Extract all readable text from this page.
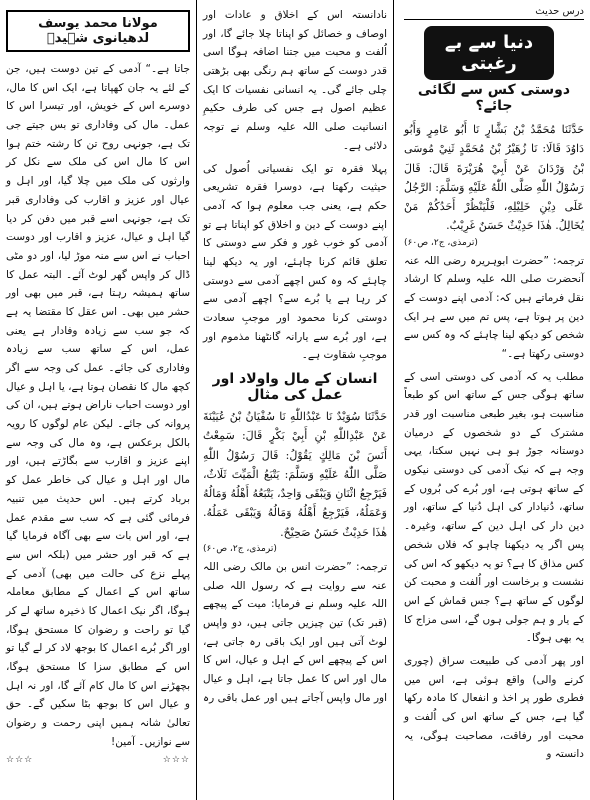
درس حدیث
دنیا سے بے رغبتی
دوستی کس سے لگائی جائے؟
حَدَّثَنَا مُحَمَّدُ بْنُ بَشَّارٍ نَا أَبُو عَامِرٍ وَأَبُو دَاوُدَ قَالَا: نَا زُهَيْرُ بْنُ مُحَمَّدٍ ثَنِيْ مُوسَى بْنُ وَرْدَانَ عَنْ أَبِيْ هُرَيْرَةَ قَالَ: قَالَ رَسُوْلُ اللّٰهِ صَلَّى اللّٰهُ عَلَيْهِ وَسَلَّمَ: الرَّجُلُ عَلَى دِيْنِ خَلِيْلِهِ، فَلْيَنْظُرْ أَحَدُكُمْ مَنْ يُخَالِلُ. هٰذَا حَدِيْثٌ حَسَنٌ غَرِيْبٌ.
(ترمذی، ج۲، ص۶۰)

ترجمہ: ”حضرت ابوہریرہ رضی اللہ عنہ آنحضرت صلی اللہ علیہ وسلم کا ارشاد نقل فرماتے ہیں کہ: آدمی اپنے دوست کے دین پر ہوتا ہے، پس تم میں سے ہر ایک شخص کو دیکھ لینا چاہئے کہ وہ کس سے دوستی رکھتا ہے۔“

مطلب یہ کہ آدمی کی دوستی اسی کے ساتھ ہوگی جس کے ساتھ اس کو طبعاً مناسبت ہو، بغیر طبعی مناسبت اور قدر مشترک کے دو شخصوں کے درمیان دوستانہ جوڑ ہو ہی نہیں سکتا، یہی وجہ ہے کہ نیک آدمی کی دوستی نیکوں کے ساتھ ہوتی ہے، اور بُرے کی بُروں کے ساتھ، دُنیادار کی اہل دُنیا کے ساتھ، اور دین دار کی اہل دین کے ساتھ، وغیرہ۔ پس اگر یہ دیکھنا چاہو کہ فلاں شخص کس مذاق کا ہے؟ تو یہ دیکھو کہ اس کی نشست و برخاست اور اُلفت و محبت کن لوگوں کے ساتھ ہے؟ جس قماش کے اس کے یار و ہم جولی ہوں گے، اسی مزاج کا یہ بھی ہوگا۔

اور پھر آدمی کی طبیعت سراق (چوری کرنے والی) واقع ہوئی ہے، اس میں فطری طور پر اخذ و انفعال کا مادہ رکھا گیا ہے، جس کے ساتھ اس کی اُلفت و محبت اور رفاقت، مصاحبت ہوگی، یہ دانستہ و

نادانستہ اس کے اخلاق و عادات اور اوصاف و خصائل کو اپناتا چلا جائے گا، اور اُلفت و محبت میں جتنا اضافہ ہوگا اسی قدر دوست کے ساتھ ہم رنگی بھی بڑھتی چلی جائے گی۔ یہ انسانی نفسیات کا ایک عظیم اصول ہے جس کی طرف حکیمِ انسانیت صلی اللہ علیہ وسلم نے توجہ دلائی ہے۔

پہلا فقرہ تو ایک نفسیاتی اُصول کی حیثیت رکھتا ہے، دوسرا فقرہ تشریعی حکم ہے، یعنی جب معلوم ہوا کہ آدمی اپنے دوست کے دین و اخلاق کو اپناتا ہے تو آدمی کو خوب غور و فکر سے دوستی کا تعلق قائم کرنا چاہئے، اور یہ دیکھ لینا چاہئے کہ وہ کس اچھے آدمی سے دوستی کر رہا ہے یا بُرے سے؟ اچھے آدمی سے دوستی کرنا محمود اور موجبِ سعادت ہے، اور بُرے سے یارانہ گانٹھنا مذموم اور موجبِ شقاوت ہے۔

انسان کے مال واولاد اور عمل کی مثال
حَدَّثَنَا سُوَيْدٌ نَا عَبْدُاللّٰهِ نَا سُفْيَانُ بْنُ عُيَيْنَةَ عَنْ عَبْدِاللّٰهِ بْنِ أَبِيْ بَكْرٍ قَالَ: سَمِعْتُ أَنَسَ بْنَ مَالِكٍ يَقُوْلُ: قَالَ رَسُوْلُ اللّٰهِ صَلَّى اللّٰهُ عَلَيْهِ وَسَلَّمَ: يَتْبَعُ الْمَيِّتَ ثَلَاثٌ، فَيَرْجِعُ اثْنَانِ وَيَبْقَى وَاحِدٌ، يَتْبَعُهُ أَهْلُهُ وَمَالُهُ وَعَمَلُهُ، فَيَرْجِعُ أَهْلُهُ وَمَالُهُ وَيَبْقَى عَمَلُهُ. هٰذَا حَدِيْثٌ حَسَنٌ صَحِيْحٌ.
(ترمذی، ج۲، ص۶۰)

ترجمہ: ”حضرت انس بن مالک رضی اللہ عنہ سے روایت ہے کہ رسول اللہ صلی اللہ علیہ وسلم نے فرمایا: میت کے پیچھے (قبر تک) تین چیزیں جاتی ہیں، دو واپس لوٹ آتی ہیں اور ایک باقی رہ جاتی ہے، اس کے پیچھے اس کے اہل و عیال، اس کا مال اور اس کا عمل جاتا ہے، اہل و عیال اور مال واپس آجاتے ہیں اور عمل باقی رہ

مولانا محمد یوسف لدھیانوی شہیدؒ

جاتا ہے۔“ آدمی کے تین دوست ہیں، جن کے لئے یہ جان کھپاتا ہے، ایک اس کا مال، دوسرے اس کے خویش، اور تیسرا اس کا عمل۔ مال کی وفاداری تو بس جیتے جی تک ہے، جونہی روح تن کا رشتہ ختم ہوا اس کا مال اس کی ملک سے نکل کر وارثوں کی ملک میں چلا گیا، اور اہل و عیال اور عزیز و اقارب کی وفاداری قبر تک ہے، جونہی اسے قبر میں دفن کر دیا گیا اہل و عیال، عزیز و اقارب اور دوست احباب نے اس سے منہ موڑ لیا، اور دو مٹی ڈال کر واپس گھر لوٹ آئے۔ البتہ عمل کا ساتھ ہمیشہ رہتا ہے، قبر میں بھی اور حشر میں بھی۔ اس عقل کا مقتضا یہ ہے کہ جو سب سے زیادہ وفادار ہے یعنی عمل، اس کے ساتھ سب سے زیادہ وفاداری کی جائے۔ عمل کی وجہ سے اگر کچھ مال کا نقصان ہوتا ہے، یا اہل و عیال اور دوست احباب ناراض ہوتے ہیں، ان کی پروانہ کی جائے۔ لیکن عام لوگوں کا رویہ بالکل برعکس ہے، وہ مال کی وجہ سے اپنے عزیز و اقارب سے بگاڑتے ہیں، اور مال اور اہل و عیال کی خاطر عمل کو برباد کرتے ہیں۔ اس حدیث میں تنبیہ فرمائی گئی ہے کہ سب سے مقدم عمل ہے، اور اس بات سے بھی آگاہ فرمایا گیا ہے کہ قبر اور حشر میں (بلکہ اس سے پہلے نزع کی حالت میں بھی) آدمی کے ساتھ اس کے اعمال کے مطابق معاملہ ہوگا، اگر نیک اعمال کا ذخیرہ ساتھ لے کر گیا تو راحت و رضوان کا مستحق ہوگا، اور اگر بُرے اعمال کا بوجھ لاد کر لے گیا تو اس کے مطابق سزا کا مستحق ہوگا، بچھڑنے اس کا مال کام آئے گا، اور نہ اہل و عیال اس کا بوجھ بٹا سکیں گے۔ حق تعالیٰ شانہ ہمیں اپنی رحمت و رضوان سے نوازیں۔ آمین!

☆☆☆
☆☆☆
